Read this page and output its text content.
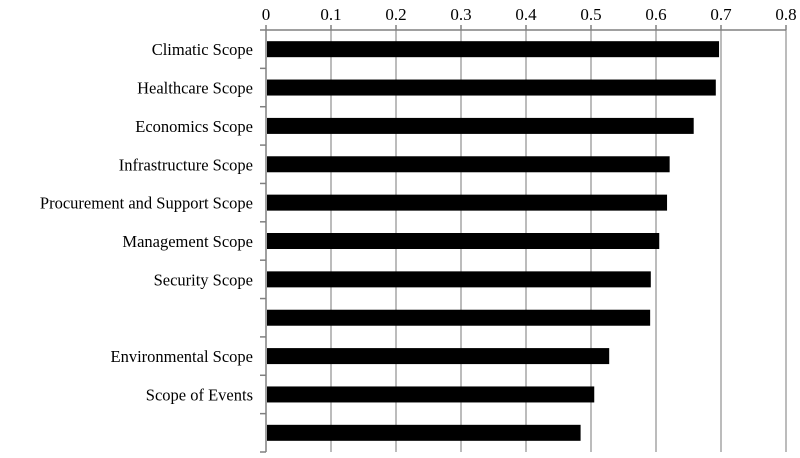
0	0.1	0.2	0.3	0.4	0.5	0.6	0.7	0.8
Climatic Scope
Healthcare Scope
Economics Scope
Infrastructure Scope
Procurement and Support Scope
Management Scope
Security Scope
Environmental Scope
Scope of Events
